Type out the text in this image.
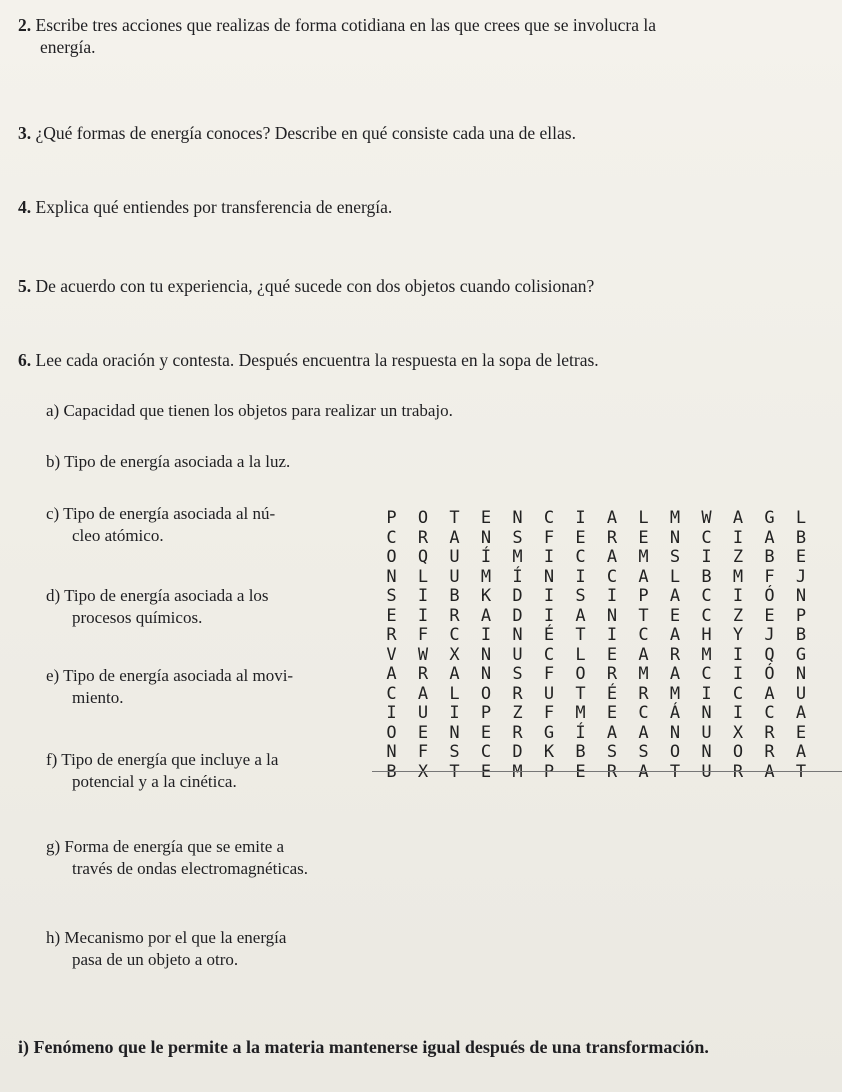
2. Escribe tres acciones que realizas de forma cotidiana en las que crees que se involucra la
energía.
3. ¿Qué formas de energía conoces? Describe en qué consiste cada una de ellas.
4. Explica qué entiendes por transferencia de energía.
5. De acuerdo con tu experiencia, ¿qué sucede con dos objetos cuando colisionan?
6. Lee cada oración y contesta. Después encuentra la respuesta en la sopa de letras.
a) Capacidad que tienen los objetos para realizar un trabajo.
b) Tipo de energía asociada a la luz.
c) Tipo de energía asociada al nú-
cleo atómico.
d) Tipo de energía asociada a los
procesos químicos.
e) Tipo de energía asociada al movi-
miento.
f) Tipo de energía que incluye a la
potencial y a la cinética.
g) Forma de energía que se emite a
través de ondas electromagnéticas.
h) Mecanismo por el que la energía
pasa de un objeto a otro.
P	O	T	E	N	C	I	A	L	M	W	A	G	L
C	R	A	N	S	F	E	R	E	N	C	I	A	B
O	Q	U	Í	M	I	C	A	M	S	I	Z	B	E
N	L	U	M	Í	N	I	C	A	L	B	M	F	J
S	I	B	K	D	I	S	I	P	A	C	I	Ó	N
E	I	R	A	D	I	A	N	T	E	C	Z	E	P
R	F	C	I	N	É	T	I	C	A	H	Y	J	B
V	W	X	N	U	C	L	E	A	R	M	I	Q	G
A	R	A	N	S	F	O	R	M	A	C	I	Ó	N
C	A	L	O	R	U	T	É	R	M	I	C	A	U
I	U	I	P	Z	F	M	E	C	Á	N	I	C	A
O	E	N	E	R	G	Í	A	A	N	U	X	R	E
N	F	S	C	D	K	B	S	S	O	N	O	R	A
B	X	T	E	M	P	E	R	A	T	U	R	A	T
i) Fenómeno que le permite a la materia mantenerse igual después de una transformación.
